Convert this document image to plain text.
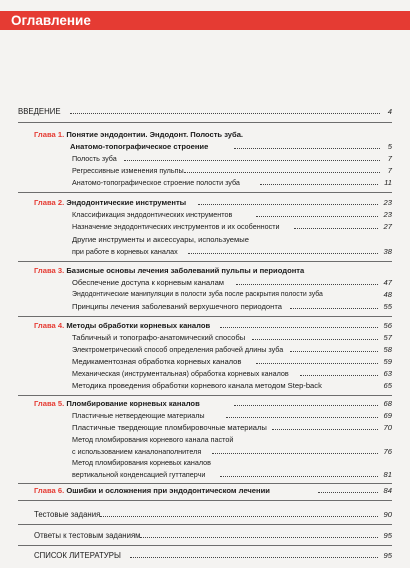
Оглавление
ВВЕДЕНИЕ	4
Глава 1. Понятие эндодонтии. Эндодонт. Полость зуба.
Анатомо-топографическое строение	5
Полость зуба	7
Регрессивные изменения пульпы	7
Анатомо-топографическое строение полости зуба	11
Глава 2. Эндодонтические инструменты	23
Классификация эндодонтических инструментов	23
Назначение эндодонтических инструментов и их особенности	27
Другие инструменты и аксессуары, используемые
при работе в корневых каналах	38
Глава 3. Базисные основы лечения заболеваний пульпы и периодонта
Обеспечение доступа к корневым каналам	47
Эндодонтические манипуляции в полости зуба после раскрытия полости зуба	48
Принципы лечения заболеваний верхушечного периодонта	55
Глава 4. Методы обработки корневых каналов	56
Табличный и топографо-анатомический способы	57
Электрометрический способ определения рабочей длины зуба	58
Медикаментозная обработка корневых каналов	59
Механическая (инструментальная) обработка корневых каналов	63
Методика проведения обработки корневого канала методом Step-back	65
Глава 5. Пломбирование корневых каналов	68
Пластичные нетвердеющие материалы	69
Пластичные твердеющие пломбировочные материалы	70
Метод пломбирования корневого канала пастой
с использованием каналонаполнителя	76
Метод пломбирования корневых каналов
вертикальной конденсацией гуттаперчи	81
Глава 6. Ошибки и осложнения при эндодонтическом лечении	84
Тестовые задания	90
Ответы к тестовым заданиям	95
СПИСОК ЛИТЕРАТУРЫ	95
